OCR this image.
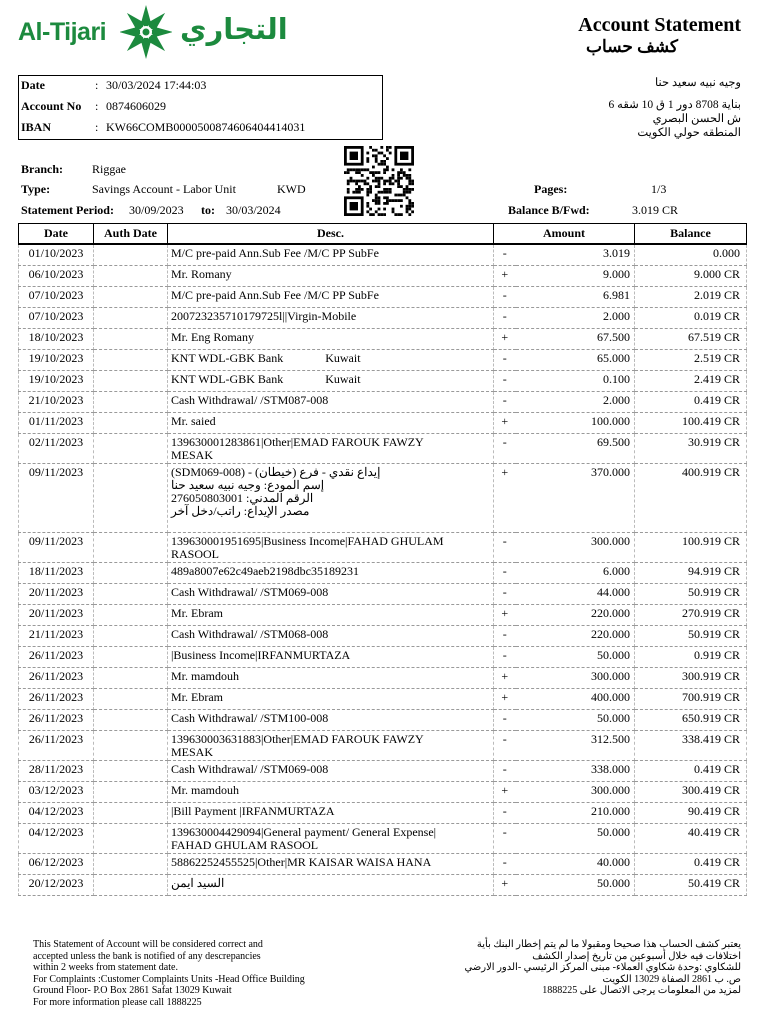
Al-Tijari	التجاري	Account Statement
كشف حساب
Date	: 30/03/2024 17:44:03
Account No : 0874606029
IBAN	: KW66COMB000050087460640441403​1
وجيه نبيه سعيد حنا
بناية 8708 دور 1 ق 10 شقه 6
ش الحسن البصري
المنطقه حولي الكويت
Branch: Riggae
Type:	Savings Account - Labor Unit	KWD
Statement Period: 30/09/2023 to: 30/03/2024
Pages:	1/3
Balance B/Fwd:	3.019 CR
Date	Auth Date	Desc.	Amount		Balance
01/10/2023		M/C pre-paid Ann.Sub Fee /M/C PP SubFe	-	3.019	0.000
06/10/2023		Mr. Romany	+	9.000	9.000 CR
07/10/2023		M/C pre-paid Ann.Sub Fee /M/C PP SubFe	-	6.981	2.019 CR
07/10/2023		200723235710179725l||Virgin-Mobile	-	2.000	0.019 CR
18/10/2023		Mr. Eng Romany	+	67.500	67.519 CR
19/10/2023		KNT WDL-GBK Bank              Kuwait	-	65.000	2.519 CR
19/10/2023		KNT WDL-GBK Bank              Kuwait	-	0.100	2.419 CR
21/10/2023		Cash Withdrawal/ /STM087-008	-	2.000	0.419 CR
01/11/2023		Mr. saied	+	100.000	100.419 CR
02/11/2023		139630001283861|Other|EMAD FAROUK FAWZY
MESAK	-	69.500	30.919 CR
09/11/2023		(SDM069-008) - إيداع نقدي - فرع (خيطان)
إسم المودع: وجيه نبيه سعيد حنا
الرقم المدني: 276050803001
مصدر الإيداع: راتب/دخل آخر	+	370.000	400.919 CR
09/11/2023		139630001951695|Business Income|FAHAD GHULAM
RASOOL	-	300.000	100.919 CR
18/11/2023		489a8007e62c49aeb2198dbc35189231	-	6.000	94.919 CR
20/11/2023		Cash Withdrawal/ /STM069-008	-	44.000	50.919 CR
20/11/2023		Mr. Ebram	+	220.000	270.919 CR
21/11/2023		Cash Withdrawal/ /STM068-008	-	220.000	50.919 CR
26/11/2023		|Business Income|IRFANMURTAZA	-	50.000	0.919 CR
26/11/2023		Mr. mamdouh	+	300.000	300.919 CR
26/11/2023		Mr. Ebram	+	400.000	700.919 CR
26/11/2023		Cash Withdrawal/ /STM100-008	-	50.000	650.919 CR
26/11/2023		139630003631883|Other|EMAD FAROUK FAWZY
MESAK	-	312.500	338.419 CR
28/11/2023		Cash Withdrawal/ /STM069-008	-	338.000	0.419 CR
03/12/2023		Mr. mamdouh	+	300.000	300.419 CR
04/12/2023		|Bill Payment |IRFANMURTAZA	-	210.000	90.419 CR
04/12/2023		139630004429094|General payment/ General Expense|
FAHAD GHULAM RASOOL	-	50.000	40.419 CR
06/12/2023		58862252455525|Other|MR KAISAR WAISA HANA	-	40.000	0.419 CR
20/12/2023		السيد ايمن	+	50.000	50.419 CR
This Statement of Account will be considered correct and
accepted unless the bank is notified of any descrepancies
within 2 weeks from statement date.
For Complaints :Customer Complaints Units -Head Office Building
Ground Floor- P.O Box 2861 Safat 13029 Kuwait
For more information please call 1888225
يعتبر كشف الحساب هذا صحيحا ومقبولا ما لم يتم إخطار البنك بأية
اختلافات فيه خلال أسبوعين من تاريخ إصدار الكشف
للشكاوي :وحدة شكاوي العملاء- مبنى المركز الرئيسي -الدور الارضي
ص. ب 2861 الصفاة 13029 الكويت
لمزيد من المعلومات يرجى الاتصال على 1888225
